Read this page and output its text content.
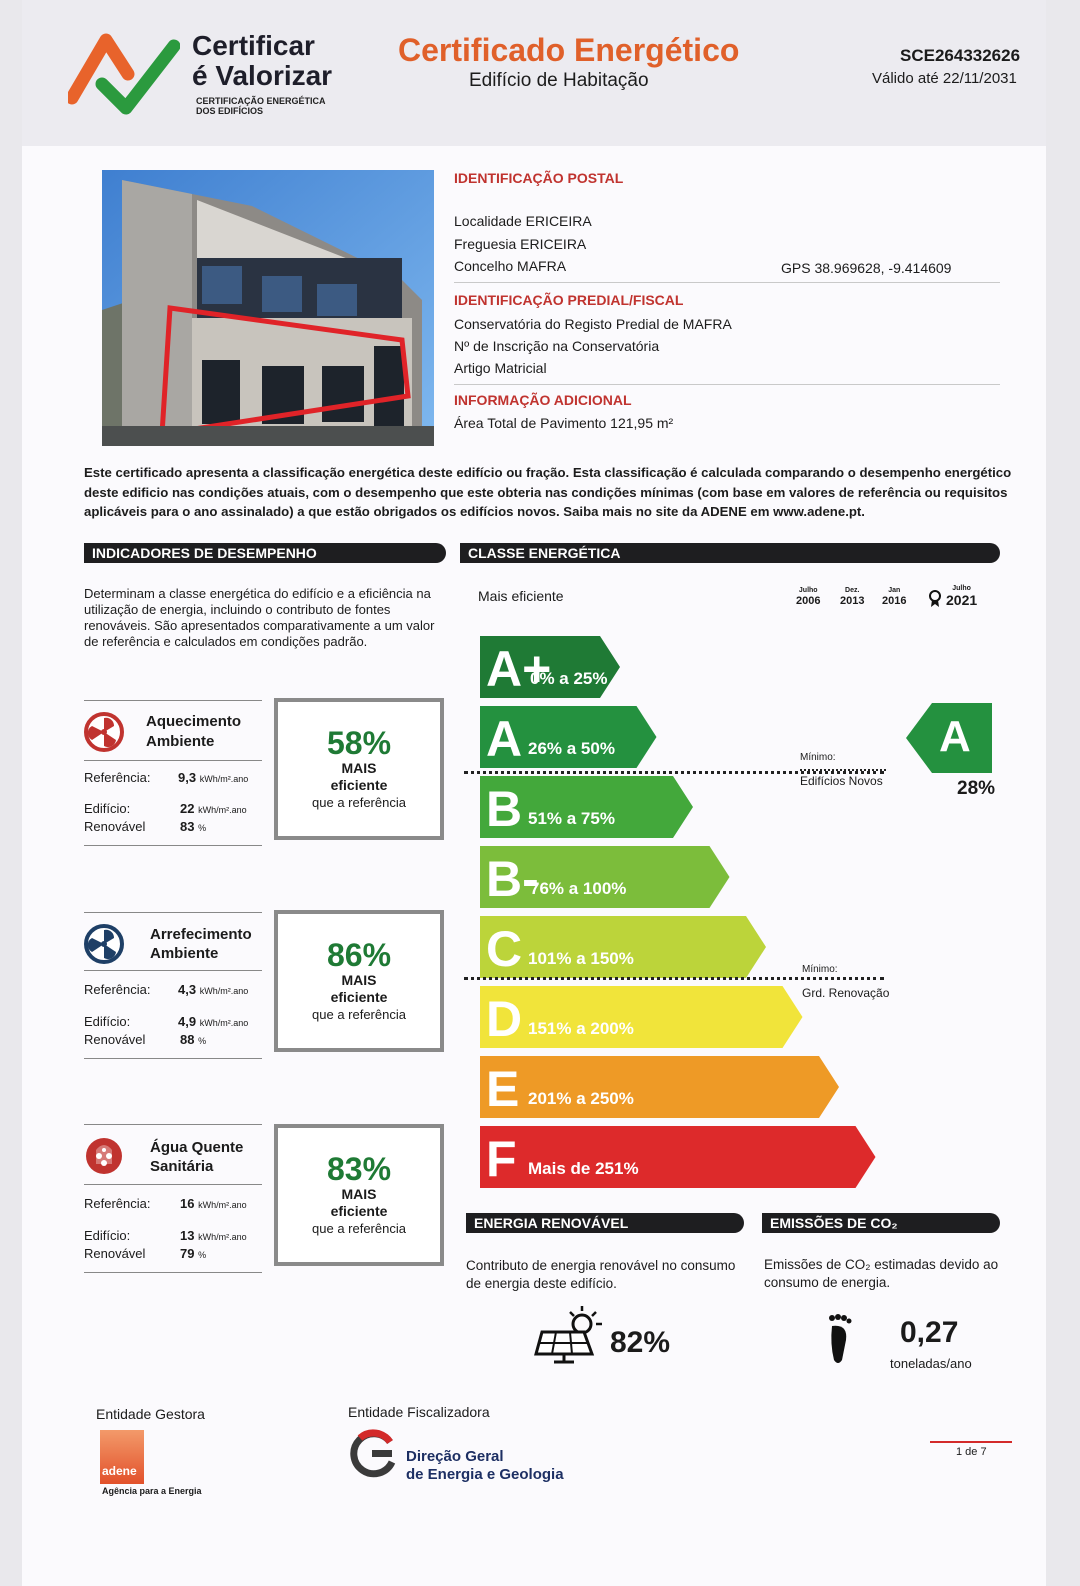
Certificar
é Valorizar
CERTIFICAÇÃO ENERGÉTICA
DOS EDIFÍCIOS
Certificado Energético
Edifício de Habitação
SCE264332626
Válido até 22/11/2031
IDENTIFICAÇÃO POSTAL
Localidade ERICEIRA
Freguesia ERICEIRA
Concelho MAFRA	GPS 38.969628, -9.414609
IDENTIFICAÇÃO PREDIAL/FISCAL
Conservatória do Registo Predial de MAFRA
Nº de Inscrição na Conservatória
Artigo Matricial
INFORMAÇÃO ADICIONAL
Área Total de Pavimento 121,95 m²
Este certificado apresenta a classificação energética deste edifício ou fração. Esta classificação é calculada comparando o desempenho energético deste edificio nas condições atuais, com o desempenho que este obteria nas condições mínimas (com base em valores de referência ou requisitos aplicáveis para o ano assinalado) a que estão obrigados os edifícios novos. Saiba mais no site da ADENE em www.adene.pt.
INDICADORES DE DESEMPENHO	CLASSE ENERGÉTICA
Determinam a classe energética do edifício e a eficiência na utilização de energia, incluindo o contributo de fontes renováveis. São apresentados comparativamente a um valor de referência e calculados em condições padrão.
Aquecimento
Ambiente
Referência: 9,3 kWh/m².ano
Edifício:	22 kWh/m².ano
Renovável	83 %
58%
MAIS
eficiente
que a referência
Arrefecimento
Ambiente
Referência: 4,3 kWh/m².ano
Edifício:	4,9 kWh/m².ano
Renovável	88 %
86%
MAIS
eficiente
que a referência
Água Quente
Sanitária
Referência: 16 kWh/m².ano
Edifício:	13 kWh/m².ano
Renovável	79 %
83%
MAIS
eficiente
que a referência
Mais eficiente	Julho
2006
Dez.
2013
Jan
2016
Julho
2021
A+
0% a 25%
A 26% a 50%
B 51% a 75%
B-
76% a 100%
C 101% a 150%
D 151% a 200%
E 201% a 250%
F Mais de 251%
Mínimo:
Edifícios Novos
Mínimo:
Grd. Renovação
A
28%
ENERGIA RENOVÁVEL	EMISSÕES DE CO₂
Contributo de energia renovável no consumo de energia deste edifício.
Emissões de CO₂ estimadas devido ao consumo de energia.
82%	0,27
toneladas/ano
Entidade Gestora
adene
Agência para a Energia
Entidade Fiscalizadora
Direção Geral
de Energia e Geologia
1 de 7
